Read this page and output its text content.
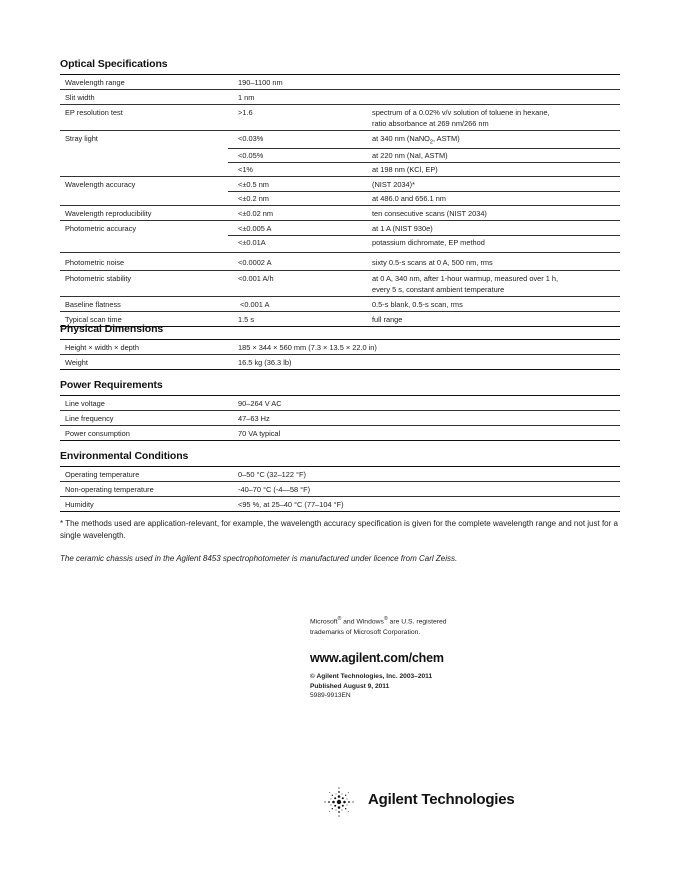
Optical Specifications
Wavelength range	190–1100 nm	
Slit width	1 nm	
EP resolution test	>1.6	spectrum of a 0.02% v/v solution of toluene in hexane,
ratio absorbance at 269 nm/266 nm
Stray light	<0.03%	at 340 nm (NaNO$_2$, ASTM)
	<0.05%	at 220 nm (NaI, ASTM)
	<1%	at 198 nm (KCl, EP)
Wavelength accuracy	<±0.5 nm	(NIST 2034)*
	<±0.2 nm	at 486.0 and 656.1 nm
Wavelength reproducibility	<±0.02 nm	ten consecutive scans (NIST 2034)
Photometric accuracy	<±0.005 A	at 1 A (NIST 930e)
	<±0.01A	potassium dichromate, EP method
Photometric noise	<0.0002 A	sixty 0.5-s scans at 0 A, 500 nm, rms
Photometric stability	<0.001 A/h	at 0 A, 340 nm, after 1-hour warmup, measured over 1 h,
every 5 s, constant ambient temperature
Baseline flatness	<0.001 A	0.5-s blank, 0.5-s scan, rms
Typical scan time	1.5 s	full range
Physical Dimensions
Height × width × depth	185 × 344 × 560 mm (7.3 × 13.5 × 22.0 in)
Weight	16.5 kg (36.3 lb)
Power Requirements
Line voltage	90–264 V AC
Line frequency	47–63 Hz
Power consumption	70 VA typical
Environmental Conditions
Operating temperature	0–50 °C (32–122 °F)
Non-operating temperature	-40–70 °C (-4—58 °F)
Humidity	<95 %, at 25–40 °C (77–104 °F)
* The methods used are application-relevant, for example, the wavelength accuracy specification is given for the complete wavelength range and not just for a single wavelength.
The ceramic chassis used in the Agilent 8453 spectrophotometer is manufactured under licence from Carl Zeiss.
Microsoft® and Windows® are U.S. registered
trademarks of Microsoft Corporation.
www.agilent.com/chem
© Agilent Technologies, Inc. 2003–2011
Published August 9, 2011
5989-9913EN
Agilent Technologies
